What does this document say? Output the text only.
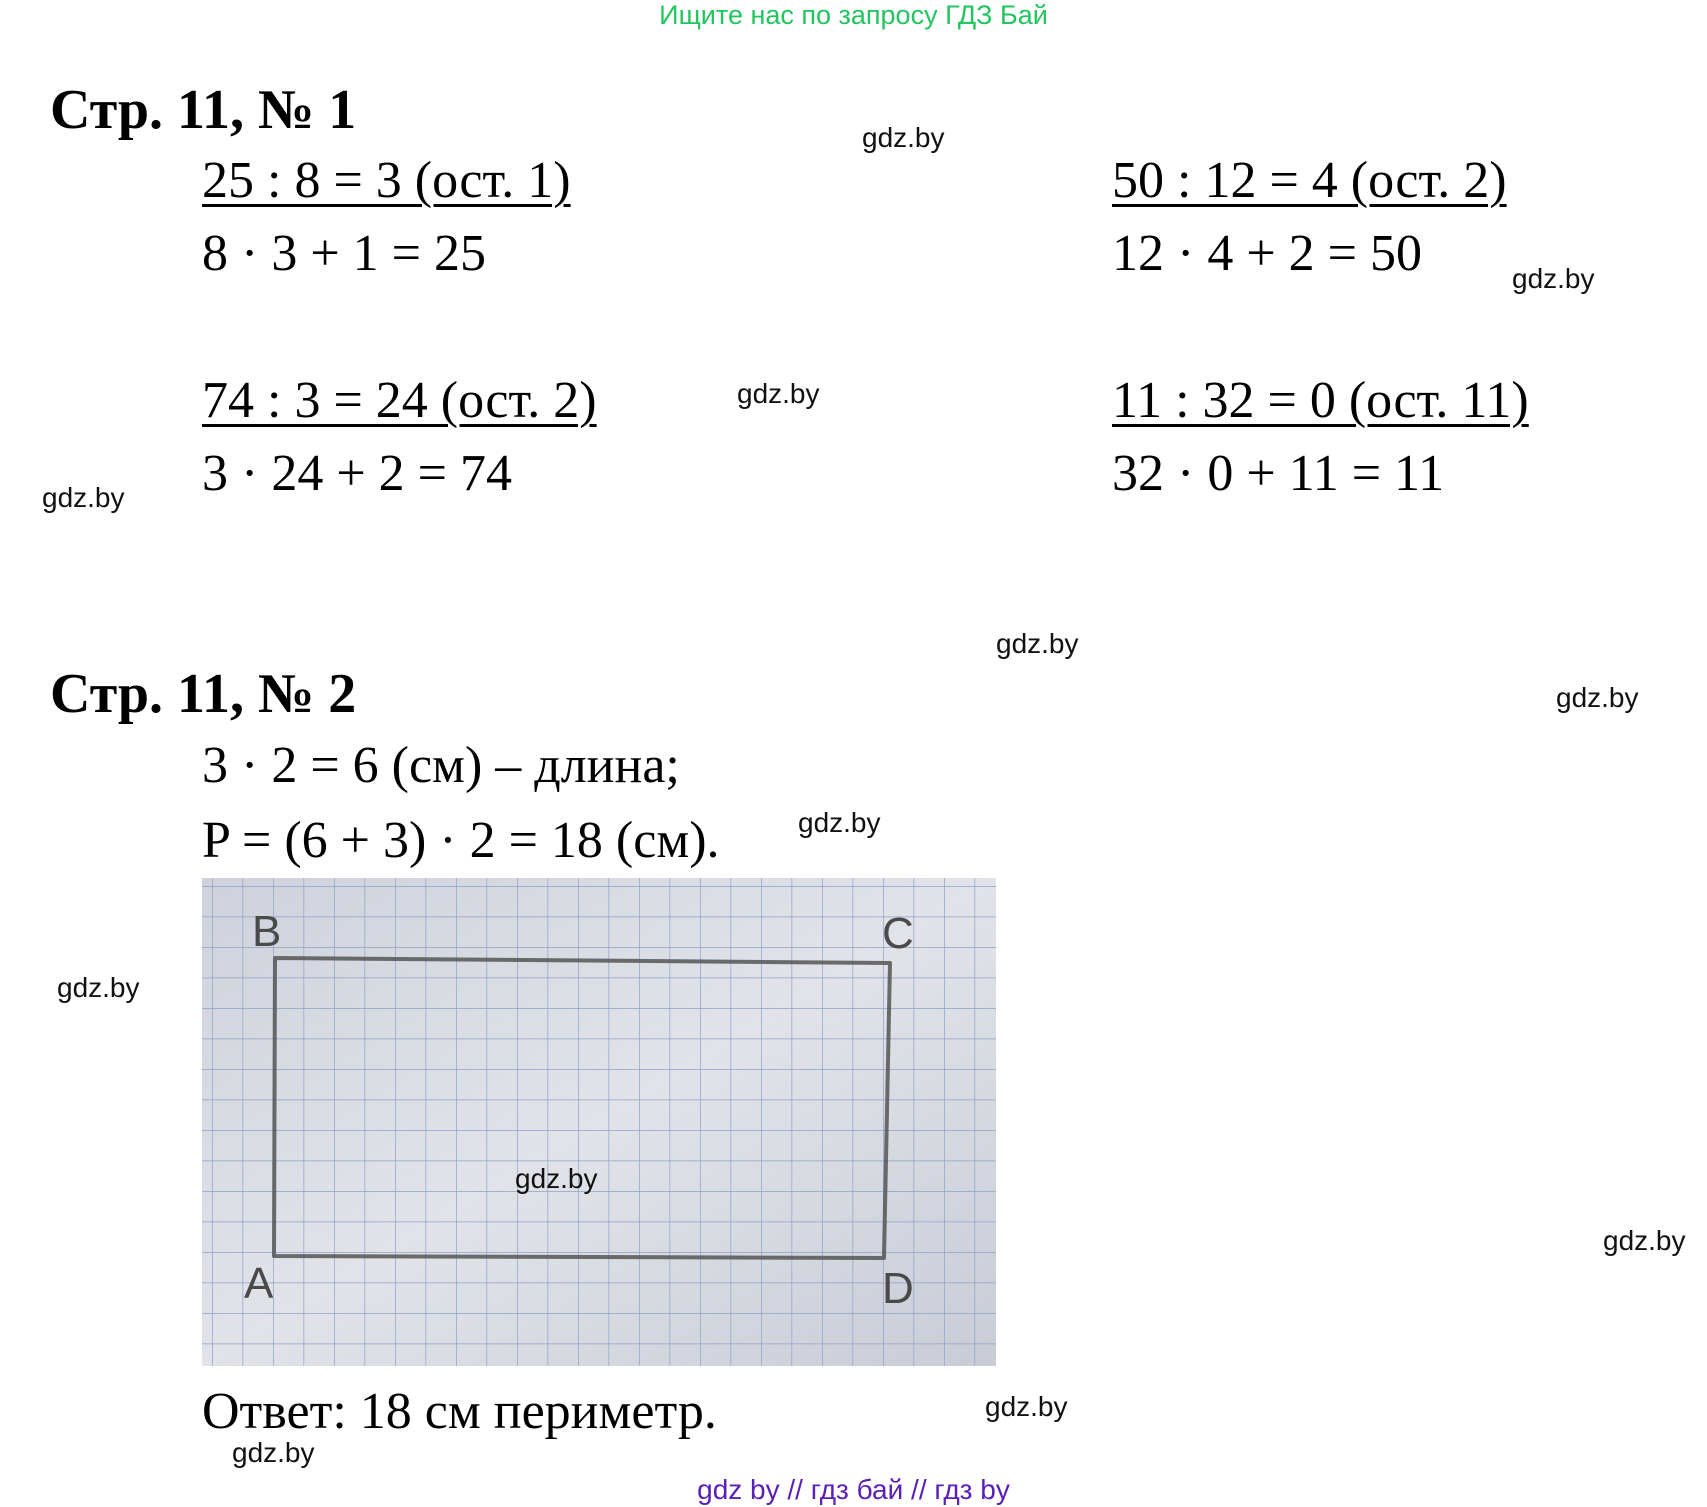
Ищите нас по запросу ГДЗ Бай
Стр. 11, № 1
25 : 8 = 3 (ост. 1)
8 · 3 + 1 = 25
50 : 12 = 4 (ост. 2)
12 · 4 + 2 = 50
74 : 3 = 24 (ост. 2)
3 · 24 + 2 = 74
11 : 32 = 0 (ост. 11)
32 · 0 + 11 = 11
Стр. 11, № 2
3 · 2 = 6 (см) – длина;
P = (6 + 3) · 2 = 18 (см).
B	C
A	D
Ответ: 18 см периметр.
gdz.by
gdz.by
gdz.by
gdz.by
gdz.by
gdz.by
gdz.by
gdz.by
gdz.by
gdz.by
gdz.by
gdz.by
gdz by // гдз бай // гдз by
